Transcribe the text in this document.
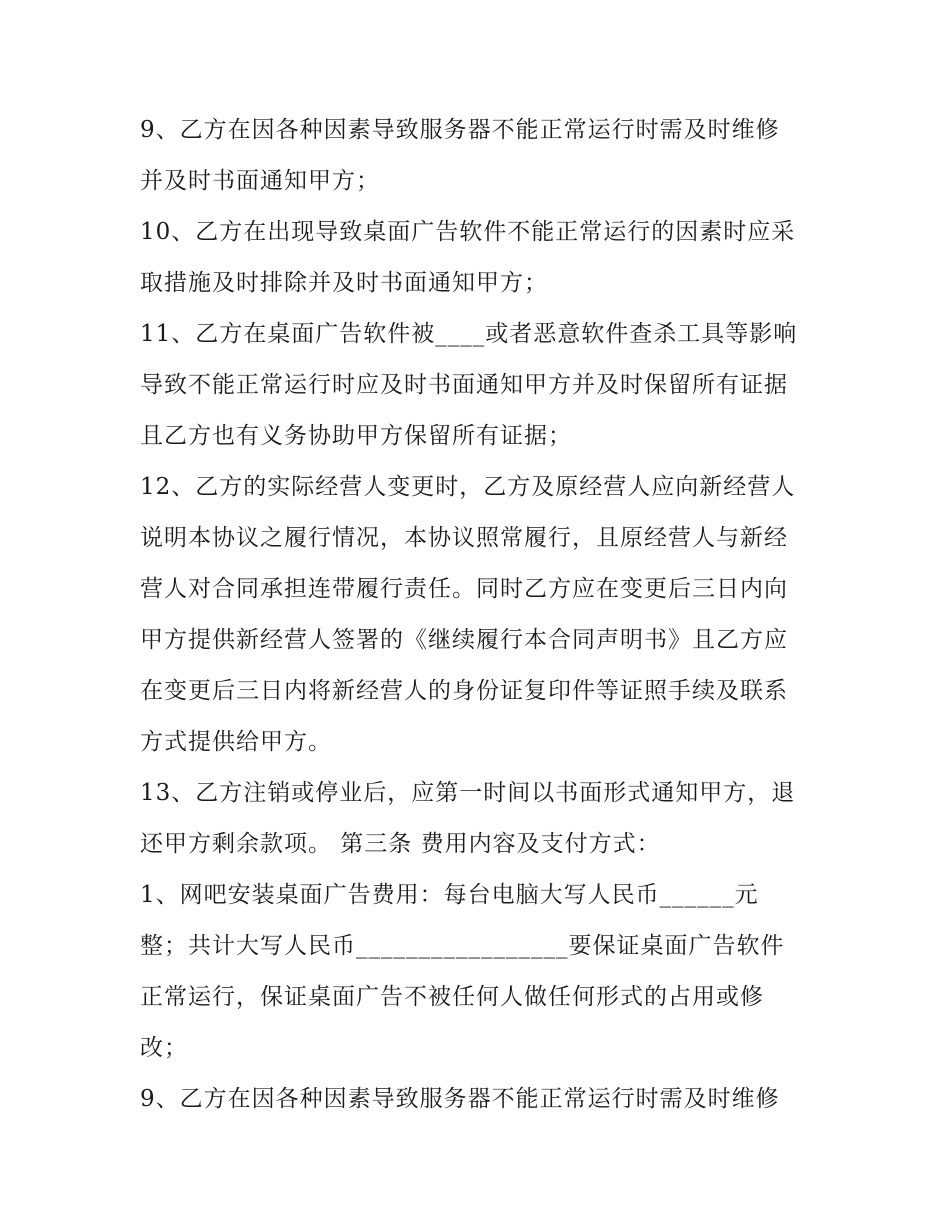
9、乙方在因各种因素导致服务器不能正常运行时需及时维修
并及时书面通知甲方；
10、乙方在出现导致桌面广告软件不能正常运行的因素时应采
取措施及时排除并及时书面通知甲方；
11、乙方在桌面广告软件被____或者恶意软件查杀工具等影响
导致不能正常运行时应及时书面通知甲方并及时保留所有证据
且乙方也有义务协助甲方保留所有证据；
12、乙方的实际经营人变更时，乙方及原经营人应向新经营人
说明本协议之履行情况，本协议照常履行，且原经营人与新经
营人对合同承担连带履行责任。同时乙方应在变更后三日内向
甲方提供新经营人签署的《继续履行本合同声明书》且乙方应
在变更后三日内将新经营人的身份证复印件等证照手续及联系
方式提供给甲方。
13、乙方注销或停业后，应第一时间以书面形式通知甲方，退
还甲方剩余款项。 第三条 费用内容及支付方式：
1、网吧安装桌面广告费用：每台电脑大写人民币______元
整；共计大写人民币_________________要保证桌面广告软件
正常运行，保证桌面广告不被任何人做任何形式的占用或修
改；
9、乙方在因各种因素导致服务器不能正常运行时需及时维修
